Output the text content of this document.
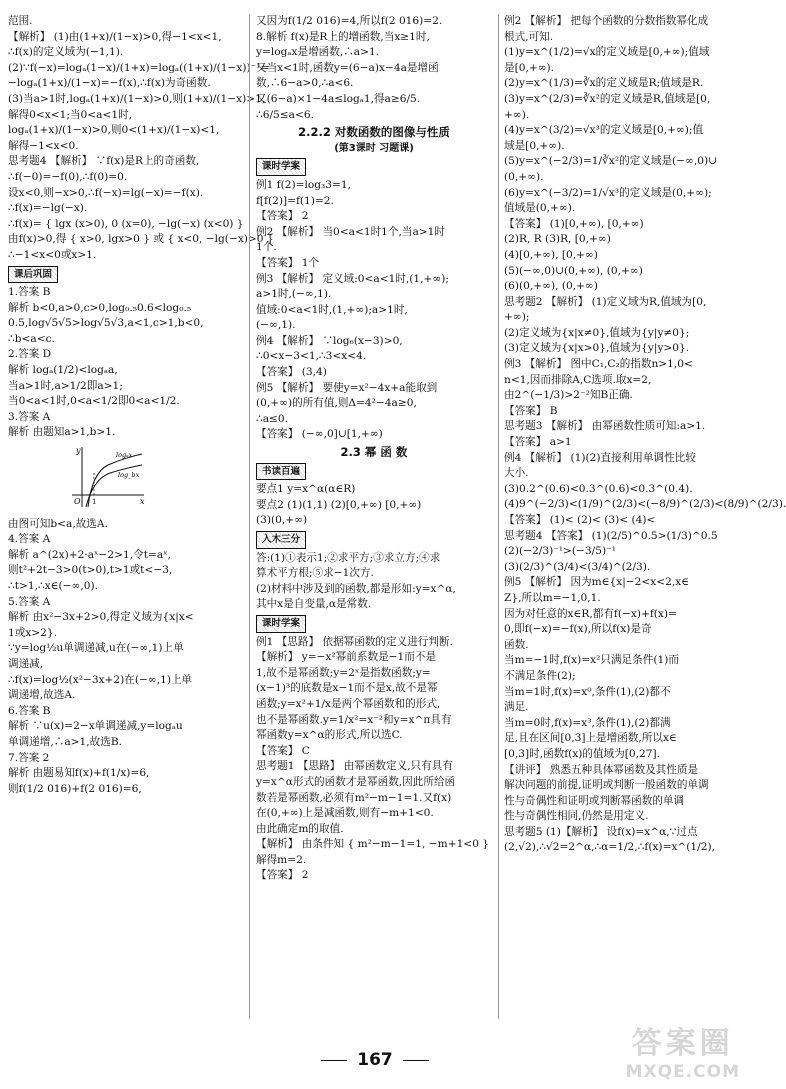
范围.
【解析】 (1)由(1+x)/(1−x)>0,得−1<x<1,
∴f(x)的定义域为(−1,1).
(2)∵f(−x)=logₐ(1−x)/(1+x)=logₐ((1+x)/(1−x))⁻¹=
−logₐ(1+x)/(1−x)=−f(x),∴f(x)为奇函数.
(3)当a>1时,logₐ(1+x)/(1−x)>0,则(1+x)/(1−x)>1,
解得0<x<1;当0<a<1时,
logₐ(1+x)/(1−x)>0,则0<(1+x)/(1−x)<1,
解得−1<x<0.
思考题4 【解析】 ∵f(x)是R上的奇函数,
∴f(−0)=−f(0),∴f(0)=0.
设x<0,则−x>0,∴f(−x)=lg(−x)=−f(x).
∴f(x)=−lg(−x).
∴f(x)= { lgx (x>0), 0 (x=0), −lg(−x) (x<0) }
由f(x)>0,得 { x>0, lgx>0 } 或 { x<0, −lg(−x)>0 }
∴−1<x<0或x>1.
课后巩固
1.答案 B
解析 b<0,a>0,c>0,log₀.₅0.6<log₀.₅
0.5,log√5√5>log√5√3,a<1,c>1,b<0,
∴b<a<c.
2.答案 D
解析 logₐ(1/2)<logₐa,
当a>1时,a>1/2即a>1;
当0<a<1时,0<a<1/2即0<a<1/2.
3.答案 A
解析 由题知a>1,b>1.
y
x
O 1
logₐx
log_bx
由图可知b<a,故选A.
4.答案 A
解析 a^(2x)+2·aˣ−2>1,令t=aˣ,
则t²+2t−3>0(t>0),t>1或t<−3,
∴t>1,∴x∈(−∞,0).
5.答案 A
解析 由x²−3x+2>0,得定义域为{x|x<
1或x>2}.
∵y=log½u单调递减,u在(−∞,1)上单
调递减,
∴f(x)=log½(x²−3x+2)在(−∞,1)上单
调递增,故选A.
6.答案 B
解析 ∵u(x)=2−x单调递减,y=logₐu
单调递增,∴a>1,故选B.
7.答案 2
解析 由题易知f(x)+f(1/x)=6,
则f(1/2 016)+f(2 016)=6,
又因为f(1/2 016)=4,所以f(2 016)=2.
8.解析 f(x)是R上的增函数,当x≥1时,
y=logₐx是增函数,∴a>1.
又当x<1时,函数y=(6−a)x−4a是增函
数,∴6−a>0,∴a<6.
又(6−a)×1−4a≤logₐ1,得a≥6/5.
∴6/5≤a<6.
2.2.2 对数函数的图像与性质
(第3课时 习题课)
课时学案
例1 f(2)=log₃3=1,
f[f(2)]=f(1)=2.
【答案】 2
例2 【解析】 当0<a<1时1个,当a>1时
1个.
【答案】 1个
例3 【解析】 定义域:0<a<1时,(1,+∞);
a>1时,(−∞,1).
值域:0<a<1时,(1,+∞);a>1时,
(−∞,1).
例4 【解析】 ∵log₆(x−3)>0,
∴0<x−3<1,∴3<x<4.
【答案】 (3,4)
例5 【解析】 要使y=x²−4x+a能取到
(0,+∞)的所有值,则Δ=4²−4a≥0,
∴a≤0.
【答案】 (−∞,0]∪[1,+∞)
2.3 幂 函 数
书读百遍
要点1 y=x^α(α∈R)
要点2 (1)(1,1) (2)[0,+∞) [0,+∞)
(3)(0,+∞)
入木三分
答:(1)①表示1;②求平方;③求立方;④求
算术平方根;⑤求−1次方.
(2)材料中涉及到的函数,都是形如:y=x^α,
其中x是自变量,α是常数.
课时学案
例1 【思路】 依据幂函数的定义进行判断.
【解析】 y=−x²幂前系数是−1而不是
1,故不是幂函数;y=2ˣ是指数函数;y=
(x−1)³的底数是x−1而不是x,故不是幂
函数;y=x²+1/x是两个幂函数和的形式,
也不是幂函数.y=1/x²=x⁻²和y=x^π具有
幂函数y=x^α的形式,所以选C.
【答案】 C
思考题1 【思路】 由幂函数定义,只有具有
y=x^α形式的函数才是幂函数,因此所给函
数若是幂函数,必须有m²−m−1=1.又f(x)
在(0,+∞)上是减函数,则有−m+1<0.
由此确定m的取值.
【解析】 由条件知 { m²−m−1=1, −m+1<0 }
解得m=2.
【答案】 2
例2 【解析】 把每个函数的分数指数幂化成
根式,可知.
(1)y=x^(1/2)=√x的定义域是[0,+∞);值域
是[0,+∞).
(2)y=x^(1/3)=∛x的定义域是R;值域是R.
(3)y=x^(2/3)=∛x²的定义域是R,值域是[0,
+∞).
(4)y=x^(3/2)=√x³的定义域是[0,+∞);值
域是[0,+∞).
(5)y=x^(−2/3)=1/∛x²的定义域是(−∞,0)∪
(0,+∞).
(6)y=x^(−3/2)=1/√x³的定义域是(0,+∞);
值域是(0,+∞).
【答案】 (1)[0,+∞), [0,+∞)
(2)R, R (3)R, [0,+∞)
(4)[0,+∞), [0,+∞)
(5)(−∞,0)∪(0,+∞), (0,+∞)
(6)(0,+∞), (0,+∞)
思考题2 【解析】 (1)定义域为R,值域为[0,
+∞);
(2)定义域为{x|x≠0},值域为{y|y≠0};
(3)定义域为{x|x>0},值域为{y|y>0}.
例3 【解析】 图中C₁,C₂的指数n>1,0<
n<1,因而排除A,C选项.取x=2,
由2^(−1/3)>2⁻²知B正确.
【答案】 B
思考题3 【解析】 由幂函数性质可知:a>1.
【答案】 a>1
例4 【解析】 (1)(2)直接利用单调性比较
大小.
(3)0.2^(0.6)<0.3^(0.6)<0.3^(0.4).
(4)9^(−2/3)<(1/9)^(2/3)<(−8/9)^(2/3)<(8/9)^(2/3).
【答案】 (1)< (2)< (3)< (4)<
思考题4 【答案】 (1)(2/5)^0.5>(1/3)^0.5
(2)(−2/3)⁻¹>(−3/5)⁻¹
(3)(2/3)^(3/4)<(3/4)^(2/3).
例5 【解析】 因为m∈{x|−2<x<2,x∈
Z},所以m=−1,0,1.
因为对任意的x∈R,都有f(−x)+f(x)=
0,即f(−x)=−f(x),所以f(x)是奇
函数.
当m=−1时,f(x)=x²只满足条件(1)而
不满足条件(2);
当m=1时,f(x)=x⁰,条件(1),(2)都不
满足.
当m=0时,f(x)=x³,条件(1),(2)都满
足,且在区间[0,3]上是增函数,所以x∈
[0,3]时,函数f(x)的值域为[0,27].
【讲评】 熟悉五种具体幂函数及其性质是
解决问题的前提,证明或判断一般函数的单调
性与奇偶性和证明或判断幂函数的单调
性与奇偶性相同,仍然是用定义.
思考题5 (1)【解析】 设f(x)=x^α,∵过点
(2,√2),∴√2=2^α,∴α=1/2,∴f(x)=x^(1/2),
167	答案圈
MXQE.COM
